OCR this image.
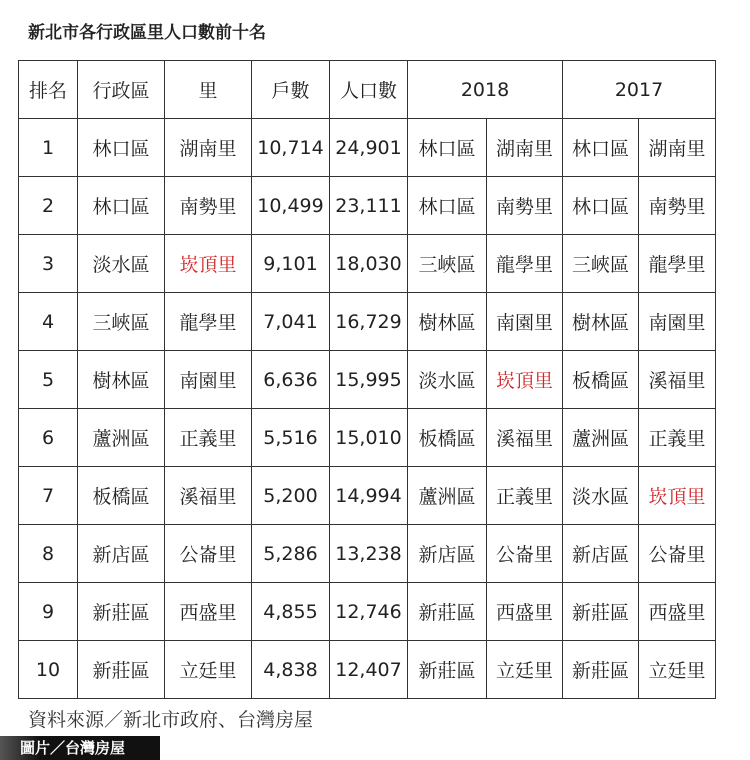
新北市各行政區里人口數前十名
排名	行政區	里	戶數	人口數	2018		2017	
1	林口區	湖南里	10,714	24,901	林口區	湖南里	林口區	湖南里
2	林口區	南勢里	10,499	23,111	林口區	南勢里	林口區	南勢里
3	淡水區	崁頂里	9,101	18,030	三峽區	龍學里	三峽區	龍學里
4	三峽區	龍學里	7,041	16,729	樹林區	南園里	樹林區	南園里
5	樹林區	南園里	6,636	15,995	淡水區	崁頂里	板橋區	溪福里
6	蘆洲區	正義里	5,516	15,010	板橋區	溪福里	蘆洲區	正義里
7	板橋區	溪福里	5,200	14,994	蘆洲區	正義里	淡水區	崁頂里
8	新店區	公崙里	5,286	13,238	新店區	公崙里	新店區	公崙里
9	新莊區	西盛里	4,855	12,746	新莊區	西盛里	新莊區	西盛里
10	新莊區	立廷里	4,838	12,407	新莊區	立廷里	新莊區	立廷里
資料來源／新北市政府、台灣房屋
圖片／台灣房屋
